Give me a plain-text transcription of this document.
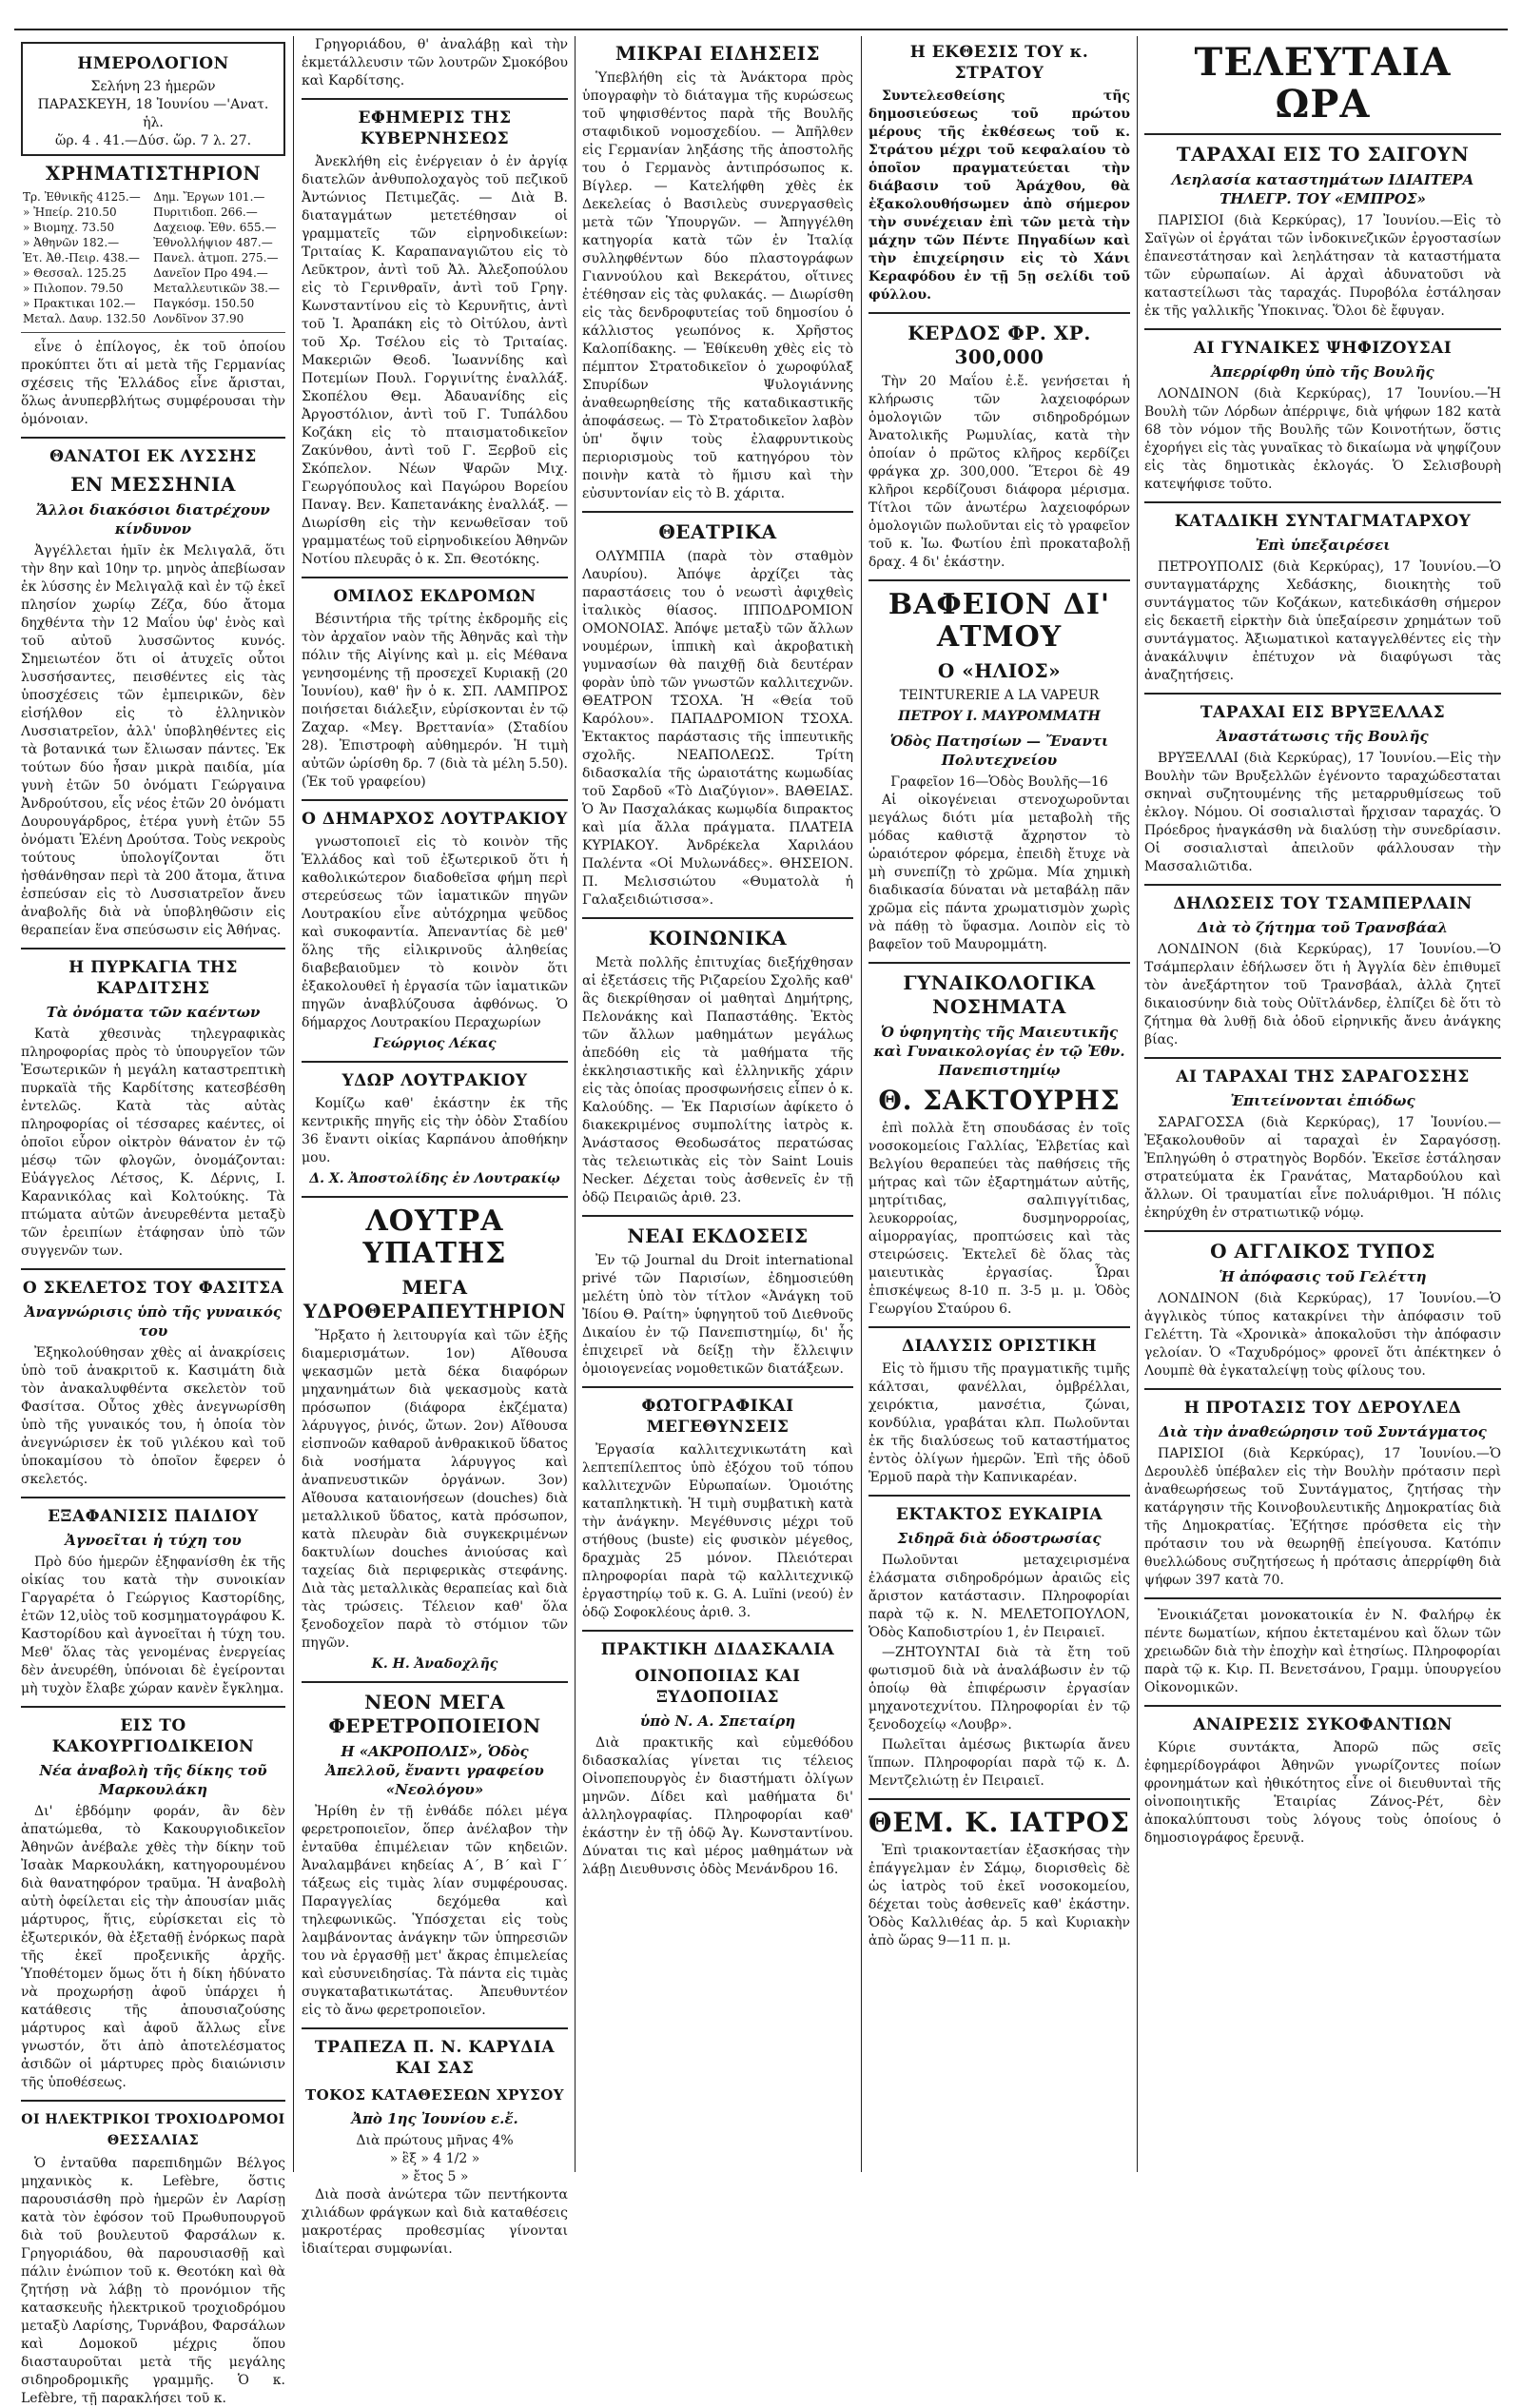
ΗΜΕΡΟΛΟΓΙΟΝ
Σελήνη 23 ἡμερῶν
ΠΑΡΑΣΚΕΥΗ, 18 Ἰουνίου —'Ανατ. ἡλ.
ὥρ. 4 . 41.—Δύσ. ὥρ. 7 λ. 27.
ΧΡΗΜΑΤΙΣΤΗΡΙΟΝ
Τρ. Ἐθνικῆς 4125.—	Δημ. Ἔργων 101.—
» Ἠπείρ. 210.50	Πυριτιδοπ. 266.—
» Βιομηχ. 73.50	Δαχειοφ. Ἐθν. 655.—
» Ἀθηνῶν 182.—	Ἐθνολλήψιον 487.—
Ἑτ. Ἀθ.-Πειρ. 438.—	Πανελ. ἀτμοπ. 275.—
» Θεσσαλ. 125.25	Δανεῖον Προ 494.—
» Πιλοπον. 79.50	Μεταλλευτικῶν 38.—
» Πρακτικαι 102.—	Παγκόσμ. 150.50
Μεταλ. Δαυρ. 132.50	Λονδῖνον 37.90
εἶνε ὁ ἐπίλογος, ἐκ τοῦ ὁποίου προκύπτει ὅτι αἱ μετὰ τῆς Γερμανίας σχέσεις τῆς Ἑλλάδος εἶνε ἄρισται, ὅλως ἀνυπερβλήτως συμφέρουσαι τὴν ὁμόνοιαν.
ΘΑΝΑΤΟΙ ΕΚ ΛΥΣΣΗΣ
ΕΝ ΜΕΣΣΗΝΙΑ
Ἄλλοι διακόσιοι διατρέχουν κίνδυνον
Ἀγγέλλεται ἡμῖν ἐκ Μελιγαλᾶ, ὅτι τὴν 8ην καὶ 10ην τρ. μηνὸς ἀπεβίωσαν ἐκ λύσσης ἐν Μελιγαλᾷ καὶ ἐν τῷ ἐκεῖ πλησίον χωρίῳ Ζέζα, δύο ἄτομα δηχθέντα τὴν 12 Μαΐου ὑφ' ἑνὸς καὶ τοῦ αὐτοῦ λυσσῶντος κυνός. Σημειωτέον ὅτι οἱ ἀτυχεῖς οὗτοι λυσσήσαντες, πεισθέντες εἰς τὰς ὑποσχέσεις τῶν ἐμπειρικῶν, δὲν εἰσήλθον εἰς τὸ ἑλληνικὸν Λυσσιατρεῖον, ἀλλ' ὑποβληθέντες εἰς τὰ βοτανικά των ἔλιωσαν πάντες. Ἐκ τούτων δύο ἦσαν μικρὰ παιδία, μία γυνὴ ἐτῶν 50 ὀνόματι Γεώργαινα Ἀνδρούτσου, εἷς νέος ἐτῶν 20 ὀνόματι Δουρουγάρδρος, ἑτέρα γυνὴ ἐτῶν 55 ὀνόματι Ἑλένη Δρούτσα. Τοὺς νεκροὺς τούτους ὑπολογίζονται ὅτι ἠσθάνθησαν περὶ τὰ 200 ἄτομα, ἅτινα ἐσπεύσαν εἰς τὸ Λυσσιατρεῖον ἄνευ ἀναβολῆς διὰ νὰ ὑποβληθῶσιν εἰς θεραπείαν ἕνα σπεύσωσιν εἰς Ἀθήνας.
Η ΠΥΡΚΑΓΙΑ ΤΗΣ ΚΑΡΔΙΤΣΗΣ
Τὰ ὀνόματα τῶν καέντων
Κατὰ χθεσινὰς τηλεγραφικὰς πληροφορίας πρὸς τὸ ὑπουργεῖον τῶν Ἐσωτερικῶν ἡ μεγάλη καταστρεπτικὴ πυρκαϊὰ τῆς Καρδίτσης κατεσβέσθη ἐντελῶς. Κατὰ τὰς αὐτὰς πληροφορίας οἱ τέσσαρες καέντες, οἱ ὁποῖοι εὗρον οἰκτρὸν θάνατον ἐν τῷ μέσῳ τῶν φλογῶν, ὀνομάζονται: Εὐάγγελος Λέτσος, Κ. Δέρνις, Ι. Καρανικόλας καὶ Κολτούκης. Τὰ πτώματα αὐτῶν ἀνευρεθέντα μεταξὺ τῶν ἐρειπίων ἐτάφησαν ὑπὸ τῶν συγγενῶν των.
Ο ΣΚΕΛΕΤΟΣ ΤΟΥ ΦΑΣΙΤΣΑ
Ἀναγνώρισις ὑπὸ τῆς γυναικός του
Ἐξηκολούθησαν χθὲς αἱ ἀνακρίσεις ὑπὸ τοῦ ἀνακριτοῦ κ. Κασιμάτη διὰ τὸν ἀνακαλυφθέντα σκελετὸν τοῦ Φασίτσα. Οὗτος χθὲς ἀνεγνωρίσθη ὑπὸ τῆς γυναικός του, ἡ ὁποία τὸν ἀνεγνώρισεν ἐκ τοῦ γιλέκου καὶ τοῦ ὑποκαμίσου τὸ ὁποῖον ἔφερεν ὁ σκελετός.
ΕΞΑΦΑΝΙΣΙΣ ΠΑΙΔΙΟΥ
Ἀγνοεῖται ἡ τύχη του
Πρὸ δύο ἡμερῶν ἐξηφανίσθη ἐκ τῆς οἰκίας του κατὰ τὴν συνοικίαν Γαργαρέτα ὁ Γεώργιος Καστορίδης, ἐτῶν 12,υἱὸς τοῦ κοσμηματογράφου Κ. Καστορίδου καὶ ἀγνοεῖται ἡ τύχη του. Μεθ' ὅλας τὰς γενομένας ἐνεργείας δὲν ἀνευρέθη, ὑπόνοιαι δὲ ἐγείρονται μὴ τυχὸν ἔλαβε χώραν κανὲν ἔγκλημα.
ΕΙΣ ΤΟ ΚΑΚΟΥΡΓΙΟΔΙΚΕΙΟΝ
Νέα ἀναβολὴ τῆς δίκης τοῦ Μαρκουλάκη
Δι' ἑβδόμην φοράν, ἂν δὲν ἀπατώμεθα, τὸ Κακουργιοδικεῖον Ἀθηνῶν ἀνέβαλε χθὲς τὴν δίκην τοῦ Ἰσαὰκ Μαρκουλάκη, κατηγορουμένου διὰ θανατηφόρον τραῦμα. Ἡ ἀναβολὴ αὐτὴ ὀφείλεται εἰς τὴν ἀπουσίαν μιᾶς μάρτυρος, ἥτις, εὑρίσκεται εἰς τὸ ἐξωτερικόν, θὰ ἐξεταθῇ ἐνόρκως παρὰ τῆς ἐκεῖ προξενικῆς ἀρχῆς. Ὑποθέτομεν ὅμως ὅτι ἡ δίκη ἡδύνατο νὰ προχωρήσῃ ἀφοῦ ὑπάρχει ἡ κατάθεσις τῆς ἀπουσιαζούσης μάρτυρος καὶ ἀφοῦ ἄλλως εἶνε γνωστόν, ὅτι ἀπὸ ἀποτελέσματος ἀσιδῶν οἱ μάρτυρες πρὸς διαιώνισιν τῆς ὑποθέσεως.
ΟΙ ΗΛΕΚΤΡΙΚΟΙ ΤΡΟΧΙΟΔΡΟΜΟΙ ΘΕΣΣΑΛΙΑΣ
Ὁ ἐνταῦθα παρεπιδημῶν Βέλγος μηχανικὸς κ. Lefèbre, ὅστις παρουσιάσθη πρὸ ἡμερῶν ἐν Λαρίσῃ κατὰ τὸν ἐφόσον τοῦ Πρωθυπουργοῦ διὰ τοῦ βουλευτοῦ Φαρσάλων κ. Γρηγοριάδου, θὰ παρουσιασθῇ καὶ πάλιν ἐνώπιον τοῦ κ. Θεοτόκη καὶ θὰ ζητήσῃ νὰ λάβῃ τὸ προνόμιον τῆς κατασκευῆς ἠλεκτρικοῦ τροχιοδρόμου μεταξὺ Λαρίσης, Τυρνάβου, Φαρσάλων καὶ Δομοκοῦ μέχρις ὅπου διασταυροῦται μετὰ τῆς μεγάλης σιδηροδρομικῆς γραμμῆς. Ὁ κ. Lefèbre, τῇ παρακλήσει τοῦ κ.
Γρηγοριάδου, θ' ἀναλάβῃ καὶ τὴν ἐκμετάλλευσιν τῶν λουτρῶν Σμοκόβου καὶ Καρδίτσης.
ΕΦΗΜΕΡΙΣ ΤΗΣ ΚΥΒΕΡΝΗΣΕΩΣ
Ἀνεκλήθη εἰς ἐνέργειαν ὁ ἐν ἀργίᾳ διατελῶν ἀνθυπολοχαγὸς τοῦ πεζικοῦ Ἀντώνιος Πετιμεζᾶς. — Διὰ Β. διαταγμάτων μετετέθησαν οἱ γραμματεῖς τῶν εἰρηνοδικείων: Τριταίας Κ. Καραπαναγιῶτου εἰς τὸ Λεῦκτρον, ἀντὶ τοῦ Ἀλ. Ἀλεξοπούλου εἰς τὸ Γερινθραῖν, ἀντὶ τοῦ Γρηγ. Κωνσταντίνου εἰς τὸ Κερυνῆτις, ἀντὶ τοῦ Ἰ. Ἀραπάκη εἰς τὸ Οἰτύλου, ἀντὶ τοῦ Χρ. Τσέλου εἰς τὸ Τριταίας. Μακεριῶν Θεοδ. Ἰωαννίδης καὶ Ποτεμίων Πουλ. Γοργινίτης ἐναλλάξ. Σκοπέλου Θεμ. Ἀδαυανίδης εἰς Ἀργοστόλιον, ἀντὶ τοῦ Γ. Τυπάλδου Κοζάκη εἰς τὸ πταισματοδικεῖον Ζακύνθου, ἀντὶ τοῦ Γ. Ξερβοῦ εἰς Σκόπελον. Νέων Ψαρῶν Μιχ. Γεωργόπουλος καὶ Παγώρου Βορείου Παναγ. Βεν. Καπετανάκης ἐναλλάξ. —Διωρίσθη εἰς τὴν κενωθεῖσαν τοῦ γραμματέως τοῦ εἰρηνοδικείου Ἀθηνῶν Νοτίου πλευρᾶς ὁ κ. Σπ. Θεοτόκης.
ΟΜΙΛΟΣ ΕΚΔΡΟΜΩΝ
Βέσιντήρια τῆς τρίτης ἐκδρομῆς εἰς τὸν ἀρχαῖον ναὸν τῆς Ἀθηνᾶς καὶ τὴν πόλιν τῆς Αἰγίνης καὶ μ. εἰς Μέθανα γενησομένης τῇ προσεχεῖ Κυριακῇ (20 Ἰουνίου), καθ' ἣν ὁ κ. ΣΠ. ΛΑΜΠΡΟΣ ποιήσεται διάλεξιν, εὑρίσκονται ἐν τῷ Ζαχαρ. «Μεγ. Βρεττανία» (Σταδίου 28). Ἐπιστροφὴ αὐθημερόν. Ἡ τιμὴ αὐτῶν ὡρίσθη δρ. 7 (διὰ τὰ μέλη 5.50). (Ἐκ τοῦ γραφείου)
Ο ΔΗΜΑΡΧΟΣ ΛΟΥΤΡΑΚΙΟΥ
γνωστοποιεῖ εἰς τὸ κοινὸν τῆς Ἑλλάδος καὶ τοῦ ἐξωτερικοῦ ὅτι ἡ καθολικώτερον διαδοθεῖσα φήμη περὶ στερεύσεως τῶν ἰαματικῶν πηγῶν Λουτρακίου εἶνε αὐτόχρημα ψεῦδος καὶ συκοφαντία. Ἀπεναντίας δὲ μεθ' ὅλης τῆς εἰλικρινοῦς ἀληθείας διαβεβαιοῦμεν τὸ κοινὸν ὅτι ἐξακολουθεῖ ἡ ἐργασία τῶν ἰαματικῶν πηγῶν ἀναβλύζουσα ἀφθόνως. Ὁ δήμαρχος Λουτρακίου Περαχωρίων
Γεώργιος Λέκας
ΥΔΩΡ ΛΟΥΤΡΑΚΙΟΥ
Κομίζω καθ' ἑκάστην ἐκ τῆς κεντρικῆς πηγῆς εἰς τὴν ὁδὸν Σταδίου 36 ἔναντι οἰκίας Καρπάνου ἀποθήκην μου.
Δ. Χ. Ἀποστολίδης ἐν Λουτρακίῳ
ΛΟΥΤΡΑ ΥΠΑΤΗΣ
ΜΕΓΑ ΥΔΡΟΘΕΡΑΠΕΥΤΗΡΙΟΝ
Ἤρξατο ἡ λειτουργία καὶ τῶν ἑξῆς διαμερισμάτων. 1ον) Αἴθουσα ψεκασμῶν μετὰ δέκα διαφόρων μηχανημάτων διὰ ψεκασμοὺς κατὰ πρόσωπον (διάφορα ἐκζέματα) λάρυγγος, ῥινός, ὤτων. 2ον) Αἴθουσα εἰσπνοῶν καθαροῦ ἀνθρακικοῦ ὕδατος διὰ νοσήματα λάρυγγος καὶ ἀναπνευστικῶν ὀργάνων. 3ον) Αἴθουσα καταιονήσεων (douches) διὰ μεταλλικοῦ ὕδατος, κατὰ πρόσωπον, κατὰ πλευρὰν διὰ συγκεκριμένων δακτυλίων douches ἀνιούσας καὶ ταχείας διὰ περιφερικὰς στεφάνης. Διὰ τὰς μεταλλικὰς θεραπείας καὶ διὰ τὰς τρώσεις. Τέλειον καθ' ὅλα ξενοδοχεῖον παρὰ τὸ στόμιον τῶν πηγῶν.
Κ. Η. Ἀναδοχλῆς
ΝΕΟΝ ΜΕΓΑ ΦΕΡΕΤΡΟΠΟΙΕΙΟΝ
Η «ΑΚΡΟΠΟΛΙΣ», Ὁδὸς Ἀπελλοῦ, ἔναντι γραφείου «Νεολόγου»
Ἠρίθη ἐν τῇ ἐνθάδε πόλει μέγα φερετροποιεῖον, ὅπερ ἀνέλαβον τὴν ἐνταῦθα ἐπιμέλειαν τῶν κηδειῶν. Ἀναλαμβάνει κηδείας Α΄, Β΄ καὶ Γ΄ τάξεως εἰς τιμὰς λίαν συμφέρουσας. Παραγγελίας δεχόμεθα καὶ τηλεφωνικῶς. Ὑπόσχεται εἰς τοὺς λαμβάνοντας ἀνάγκην τῶν ὑπηρεσιῶν του νὰ ἐργασθῇ μετ' ἄκρας ἐπιμελείας καὶ εὐσυνειδησίας. Τὰ πάντα εἰς τιμὰς συγκαταβατικωτάτας. Ἀπευθυντέον εἰς τὸ ἄνω φερετροποιεῖον.
ΤΡΑΠΕΖΑ Π. Ν. ΚΑΡΥΔΙΑ ΚΑΙ ΣΑΣ
ΤΟΚΟΣ ΚΑΤΑΘΕΣΕΩΝ ΧΡΥΣΟΥ
Ἀπὸ 1ης Ἰουνίου ε.ἔ.
Διὰ πρώτους μῆνας 4%
» ἓξ » 4 1/2 »
» ἔτος 5 »
Διὰ ποσὰ ἀνώτερα τῶν πεντήκοντα χιλιάδων φράγκων καὶ διὰ καταθέσεις μακροτέρας προθεσμίας γίνονται ἰδιαίτεραι συμφωνίαι.
ΜΙΚΡΑΙ ΕΙΔΗΣΕΙΣ
Ὑπεβλήθη εἰς τὰ Ἀνάκτορα πρὸς ὑπογραφὴν τὸ διάταγμα τῆς κυρώσεως τοῦ ψηφισθέντος παρὰ τῆς Βουλῆς σταφιδικοῦ νομοσχεδίου. — Ἀπῆλθεν εἰς Γερμανίαν ληξάσης τῆς ἀποστολῆς του ὁ Γερμανὸς ἀντιπρόσωπος κ. Βίγλερ. — Κατελήφθη χθὲς ἐκ Δεκελείας ὁ Βασιλεὺς συνεργασθεὶς μετὰ τῶν Ὑπουργῶν. — Ἀπηγγέλθη κατηγορία κατὰ τῶν ἐν Ἰταλίᾳ συλληφθέντων δύο πλαστογράφων Γιαννούλου καὶ Βεκεράτου, οἵτινες ἐτέθησαν εἰς τὰς φυλακάς. — Διωρίσθη εἰς τὰς δενδροφυτείας τοῦ δημοσίου ὁ κάλλιστος γεωπόνος κ. Χρῆστος Καλοπίδακης. — Ἐθίκευθη χθὲς εἰς τὸ πέμπτον Στρατοδικεῖον ὁ χωροφύλαξ Σπυρίδων Ψυλογιάννης ἀναθεωρηθείσης τῆς καταδικαστικῆς ἀποφάσεως. — Τὸ Στρατοδικεῖον λαβὸν ὑπ' ὄψιν τοὺς ἐλαφρυντικοὺς περιορισμοὺς τοῦ κατηγόρου τὸν ποινὴν κατὰ τὸ ἥμισυ καὶ τὴν εὐσυντονίαν εἰς τὸ Β. χάριτα.
ΘΕΑΤΡΙΚΑ
ΟΛΥΜΠΙΑ (παρὰ τὸν σταθμὸν Λαυρίου). Ἀπόψε ἀρχίζει τὰς παραστάσεις του ὁ νεωστὶ ἀφιχθεὶς ἰταλικὸς θίασος. ΙΠΠΟΔΡΟΜΙΟΝ ΟΜΟΝΟΙΑΣ. Ἀπόψε μεταξὺ τῶν ἄλλων νουμέρων, ἱππικὴ καὶ ἀκροβατικὴ γυμνασίων θὰ παιχθῇ διὰ δευτέραν φορὰν ὑπὸ τῶν γνωστῶν καλλιτεχνῶν. ΘΕΑΤΡΟΝ ΤΣΟΧΑ. Ἡ «Θεία τοῦ Καρόλου». ΠΑΠΑΔΡΟΜΙΟΝ ΤΣΟΧΑ. Ἐκτακτος παράστασις τῆς ἱππευτικῆς σχολῆς. ΝΕΑΠΟΛΕΩΣ. Τρίτη διδασκαλία τῆς ὡραιοτάτης κωμωδίας τοῦ Σαρδοῦ «Τὸ Διαζύγιον». ΒΑΘΕΙΑΣ. Ὁ Ἀν Πασχαλάκας κωμῳδία διπρακτος καὶ μία ἄλλα πράγματα. ΠΛΑΤΕΙΑ ΚΥΡΙΑΚΟΥ. Ἀνδρέκελα Χαριλάου Παλέντα «Οἱ Μυλωνάδες». ΘΗΣΕΙΟΝ. Π. Μελισσιώτου «Θυματολὰ ἡ Γαλαξειδιώτισσα».
ΚΟΙΝΩΝΙΚΑ
Μετὰ πολλῆς ἐπιτυχίας διεξήχθησαν αἱ ἐξετάσεις τῆς Ριζαρείου Σχολῆς καθ' ἃς διεκρίθησαν οἱ μαθηταὶ Δημήτρης, Πελονάκης καὶ Παπαστάθης. Ἐκτὸς τῶν ἄλλων μαθημάτων μεγάλως ἀπεδόθη εἰς τὰ μαθήματα τῆς ἐκκλησιαστικῆς καὶ ἐλληνικῆς χάριν εἰς τὰς ὁποίας προσφωνήσεις εἶπεν ὁ κ. Καλούδης. — Ἐκ Παρισίων ἀφίκετο ὁ διακεκριμένος συμπολίτης ἰατρὸς κ. Ἀνάστασος Θεοδωσάτος περατώσας τὰς τελειωτικὰς εἰς τὸν Saint Louis Necker. Δέχεται τοὺς ἀσθενεῖς ἐν τῇ ὁδῷ Πειραιῶς ἀριθ. 23.
ΝΕΑΙ ΕΚΔΟΣΕΙΣ
Ἐν τῷ Journal du Droit international privé τῶν Παρισίων, ἐδημοσιεύθη μελέτη ὑπὸ τὸν τίτλον «Ἀνάγκη τοῦ Ἰδίου Θ. Ραίτη» ὑφηγητοῦ τοῦ Διεθνοῦς Δικαίου ἐν τῷ Πανεπιστημίῳ, δι' ἧς ἐπιχειρεῖ νὰ δείξῃ τὴν ἔλλειψιν ὁμοιογενείας νομοθετικῶν διατάξεων.
ΦΩΤΟΓΡΑΦΙΚΑΙ ΜΕΓΕΘΥΝΣΕΙΣ
Ἐργασία καλλιτεχνικωτάτη καὶ λεπτεπίλεπτος ὑπὸ ἐξόχου τοῦ τόπου καλλιτεχνῶν Εὐρωπαίων. Ὁμοιότης καταπληκτικὴ. Ἡ τιμὴ συμβατικὴ κατὰ τὴν ἀνάγκην. Μεγέθυνσις μέχρι τοῦ στήθους (buste) εἰς φυσικὸν μέγεθος, δραχμὰς 25 μόνον. Πλειότεραι πληροφορίαι παρὰ τῷ καλλιτεχνικῷ ἐργαστηρίῳ τοῦ κ. G. A. Luïni (νεού) ἐν ὁδῷ Σοφοκλέους ἀριθ. 3.
ΠΡΑΚΤΙΚΗ ΔΙΔΑΣΚΑΛΙΑ
ΟΙΝΟΠΟΙΙΑΣ ΚΑΙ ΞΥΔΟΠΟΙΙΑΣ
ὑπὸ Ν. Α. Σπεταίρη
Διὰ πρακτικῆς καὶ εὐμεθόδου διδασκαλίας γίνεται τις τέλειος Οἰνοπεπουργὸς ἐν διαστήματι ὀλίγων μηνῶν. Δίδει καὶ μαθήματα δι' ἀλληλογραφίας. Πληροφορίαι καθ' ἑκάστην ἐν τῇ ὁδῷ Ἀγ. Κωνσταντίνου. Δύναται τις καὶ μέρος μαθημάτων νὰ λάβῃ Διευθυνσις ὁδὸς Μενάνδρου 16.
Η ΕΚΘΕΣΙΣ ΤΟΥ κ. ΣΤΡΑΤΟΥ
Συντελεσθείσης τῆς δημοσιεύσεως τοῦ πρώτου μέρους τῆς ἐκθέσεως τοῦ κ. Στράτου μέχρι τοῦ κεφαλαίου τὸ ὁποῖον πραγματεύεται τὴν διάβασιν τοῦ Ἀράχθου, θὰ ἐξακολουθήσωμεν ἀπὸ σήμερον τὴν συνέχειαν ἐπὶ τῶν μετὰ τὴν μάχην τῶν Πέντε Πηγαδίων καὶ τὴν ἐπιχείρησιν εἰς τὸ Χάνι Κεραφόδου ἐν τῇ 5ῃ σελίδι τοῦ φύλλου.
ΚΕΡΔΟΣ ΦΡ. ΧΡ. 300,000
Τὴν 20 Μαΐου ἐ.ἔ. γενήσεται ἡ κλήρωσις τῶν λαχειοφόρων ὁμολογιῶν τῶν σιδηροδρόμων Ἀνατολικῆς Ρωμυλίας, κατὰ τὴν ὁποίαν ὁ πρῶτος κλῆρος κερδίζει φράγκα χρ. 300,000. Ἕτεροι δὲ 49 κλῆροι κερδίζουσι διάφορα μέρισμα. Τίτλοι τῶν ἀνωτέρω λαχειοφόρων ὁμολογιῶν πωλοῦνται εἰς τὸ γραφεῖον τοῦ κ. Ἰω. Φωτίου ἐπὶ προκαταβολῇ δραχ. 4 δι' ἑκάστην.
ΒΑΦΕΙΟΝ ΔΙ' ΑΤΜΟΥ
Ο «ΗΛΙΟΣ»
TEINTURERIE A LA VAPEUR
ΠΕΤΡΟΥ Ι. ΜΑΥΡΟΜΜΑΤΗ
Ὁδὸς Πατησίων — Ἔναντι Πολυτεχνείου
Γραφεῖον 16—Ὁδὸς Βουλῆς—16
Αἱ οἰκογένειαι στενοχωροῦνται μεγάλως διότι μία μεταβολὴ τῆς μόδας καθιστᾷ ἄχρηστον τὸ ὡραιότερον φόρεμα, ἐπειδὴ ἔτυχε νὰ μὴ συνεπίζῃ τὸ χρῶμα. Μία χημικὴ διαδικασία δύναται νὰ μεταβάλῃ πᾶν χρῶμα εἰς πάντα χρωματισμὸν χωρὶς νὰ πάθῃ τὸ ὕφασμα. Λοιπὸν εἰς τὸ βαφεῖον τοῦ Μαυρομμάτη.
ΓΥΝΑΙΚΟΛΟΓΙΚΑ ΝΟΣΗΜΑΤΑ
Ὁ ὑφηγητὴς τῆς Μαιευτικῆς καὶ Γυναικολογίας ἐν τῷ Ἐθν. Πανεπιστημίῳ
Θ. ΣΑΚΤΟΥΡΗΣ
ἐπὶ πολλὰ ἔτη σπουδάσας ἐν τοῖς νοσοκομείοις Γαλλίας, Ἑλβετίας καὶ Βελγίου θεραπεύει τὰς παθήσεις τῆς μήτρας καὶ τῶν ἐξαρτημάτων αὐτῆς, μητρίτιδας, σαλπιγγίτιδας, λευκορροίας, δυσμηνορροίας, αἱμορραγίας, προπτώσεις καὶ τὰς στειρώσεις. Ἐκτελεῖ δὲ ὅλας τὰς μαιευτικὰς ἐργασίας. Ὧραι ἐπισκέψεως 8-10 π. 3-5 μ. μ. Ὁδὸς Γεωργίου Σταύρου 6.
ΔΙΑΛΥΣΙΣ ΟΡΙΣΤΙΚΗ
Εἰς τὸ ἥμισυ τῆς πραγματικῆς τιμῆς κάλτσαι, φανέλλαι, ὀμβρέλλαι, χειρόκτια, μανσέτια, ζώναι, κονδύλια, γραβάται κλπ. Πωλοῦνται ἐκ τῆς διαλύσεως τοῦ καταστήματος ἐντὸς ὀλίγων ἡμερῶν. Ἐπὶ τῆς ὁδοῦ Ἑρμοῦ παρὰ τὴν Καπνικαρέαν.
ΕΚΤΑΚΤΟΣ ΕΥΚΑΙΡΙΑ
Σιδηρᾶ διὰ ὁδοστρωσίας
Πωλοῦνται μεταχειρισμένα ἐλάσματα σιδηροδρόμων ἀραιῶς εἰς ἄριστον κατάστασιν. Πληροφορίαι παρὰ τῷ κ. Ν. ΜΕΛΕΤΟΠΟΥΛΟΝ, Ὁδὸς Καποδιστρίου 1, ἐν Πειραιεῖ.
—ΖΗΤΟΥΝΤΑΙ διὰ τὰ ἔτη τοῦ φωτισμοῦ διὰ νὰ ἀναλάβωσιν ἐν τῷ ὁποίῳ θὰ ἐπιφέρωσιν ἐργασίαν μηχανοτεχνίτου. Πληροφορίαι ἐν τῷ ξενοδοχείῳ «Λουβρ».
Πωλεῖται ἀμέσως βικτωρία ἄνευ ἵππων. Πληροφορίαι παρὰ τῷ κ. Δ. Μεντζελιώτῃ ἐν Πειραιεῖ.
ΘΕΜ. Κ. ΙΑΤΡΟΣ
Ἐπὶ τριακονταετίαν ἐξασκήσας τὴν ἐπάγγελμαν ἐν Σάμῳ, διορισθεὶς δὲ ὡς ἰατρὸς τοῦ ἐκεῖ νοσοκομείου, δέχεται τοὺς ἀσθενεῖς καθ' ἑκάστην. Ὁδὸς Καλλιθέας ἀρ. 5 καὶ Κυριακὴν ἀπὸ ὥρας 9—11 π. μ.
ΤΕΛΕΥΤΑΙΑ ΩΡΑ
ΤΑΡΑΧΑΙ ΕΙΣ ΤΟ ΣΑΙΓΟΥΝ
Λεηλασία καταστημάτων ΙΔΙΑΙΤΕΡΑ ΤΗΛΕΓΡ. ΤΟΥ «ΕΜΠΡΟΣ»
ΠΑΡΙΣΙΟΙ (διὰ Κερκύρας), 17 Ἰουνίου.—Εἰς τὸ Σαϊγὼν οἱ ἐργάται τῶν ἰνδοκινεζικῶν ἐργοστασίων ἐπανεστάτησαν καὶ λεηλάτησαν τὰ καταστήματα τῶν εὐρωπαίων. Αἱ ἀρχαὶ ἀδυνατοῦσι νὰ καταστείλωσι τὰς ταραχάς. Πυροβόλα ἐστάλησαν ἐκ τῆς γαλλικῆς Ὑποκινας. Ὅλοι δὲ ἔφυγαν.
ΑΙ ΓΥΝΑΙΚΕΣ ΨΗΦΙΖΟΥΣΑΙ
Ἀπερρίφθη ὑπὸ τῆς Βουλῆς
ΛΟΝΔΙΝΟΝ (διὰ Κερκύρας), 17 Ἰουνίου.—Ἡ Βουλὴ τῶν Λόρδων ἀπέρριψε, διὰ ψήφων 182 κατὰ 68 τὸν νόμον τῆς Βουλῆς τῶν Κοινοτήτων, ὅστις ἐχορήγει εἰς τὰς γυναῖκας τὸ δικαίωμα νὰ ψηφίζουν εἰς τὰς δημοτικὰς ἐκλογάς. Ὁ Σελισβουρὴ κατεψήφισε τοῦτο.
ΚΑΤΑΔΙΚΗ ΣΥΝΤΑΓΜΑΤΑΡΧΟΥ
Ἐπὶ ὑπεξαιρέσει
ΠΕΤΡΟΥΠΟΛΙΣ (διὰ Κερκύρας), 17 Ἰουνίου.—Ὁ συνταγματάρχης Χεδάσκης, διοικητὴς τοῦ συντάγματος τῶν Κοζάκων, κατεδικάσθη σήμερον εἰς δεκαετῆ εἰρκτὴν διὰ ὑπεξαίρεσιν χρημάτων τοῦ συντάγματος. Ἀξιωματικοὶ καταγγελθέντες εἰς τὴν ἀνακάλυψιν ἐπέτυχον νὰ διαφύγωσι τὰς ἀναζητήσεις.
ΤΑΡΑΧΑΙ ΕΙΣ ΒΡΥΞΕΛΛΑΣ
Ἀναστάτωσις τῆς Βουλῆς
ΒΡΥΞΕΛΛΑΙ (διὰ Κερκύρας), 17 Ἰουνίου.—Εἰς τὴν Βουλὴν τῶν Βρυξελλῶν ἐγένοντο ταραχώδεσταται σκηναὶ συζητουμένης τῆς μεταρρυθμίσεως τοῦ ἐκλογ. Νόμου. Οἱ σοσιαλισταὶ ἤρχισαν ταραχάς. Ὁ Πρόεδρος ἠναγκάσθη νὰ διαλύσῃ τὴν συνεδρίασιν. Οἱ σοσιαλισταὶ ἀπειλοῦν φάλλουσαν τὴν Μασσαλιῶτιδα.
ΔΗΛΩΣΕΙΣ ΤΟΥ ΤΣΑΜΠΕΡΛΑΙΝ
Διὰ τὸ ζήτημα τοῦ Τρανσβάαλ
ΛΟΝΔΙΝΟΝ (διὰ Κερκύρας), 17 Ἰουνίου.—Ὁ Τσάμπερλαιν ἐδήλωσεν ὅτι ἡ Ἀγγλία δὲν ἐπιθυμεῖ τὸν ἀνεξάρτητον τοῦ Τρανσβάαλ, ἀλλὰ ζητεῖ δικαιοσύνην διὰ τοὺς Οὐϊτλάνδερ, ἐλπίζει δὲ ὅτι τὸ ζήτημα θὰ λυθῇ διὰ ὁδοῦ εἰρηνικῆς ἄνευ ἀνάγκης βίας.
ΑΙ ΤΑΡΑΧΑΙ ΤΗΣ ΣΑΡΑΓΟΣΣΗΣ
Ἐπιτείνονται ἐπιόδως
ΣΑΡΑΓΟΣΣΑ (διὰ Κερκύρας), 17 Ἰουνίου.—Ἐξακολουθοῦν αἱ ταραχαὶ ἐν Σαραγόσσῃ. Ἐπληγώθη ὁ στρατηγὸς Βορδόν. Ἐκεῖσε ἐστάλησαν στρατεύματα ἐκ Γρανάτας, Ματαρδούλου καὶ ἄλλων. Οἱ τραυματίαι εἶνε πολυάριθμοι. Ἡ πόλις ἐκηρύχθη ἐν στρατιωτικῷ νόμῳ.
Ο ΑΓΓΛΙΚΟΣ ΤΥΠΟΣ
Ἡ ἀπόφασις τοῦ Γελέττη
ΛΟΝΔΙΝΟΝ (διὰ Κερκύρας), 17 Ἰουνίου.—Ὁ ἀγγλικὸς τύπος κατακρίνει τὴν ἀπόφασιν τοῦ Γελέττη. Τὰ «Χρονικὰ» ἀποκαλοῦσι τὴν ἀπόφασιν γελοίαν. Ὁ «Ταχυδρόμος» φρονεῖ ὅτι ἀπέκτηκεν ὁ Λουμπὲ θὰ ἐγκαταλείψῃ τοὺς φίλους του.
Η ΠΡΟΤΑΣΙΣ ΤΟΥ ΔΕΡΟΥΛΕΔ
Διὰ τὴν ἀναθεώρησιν τοῦ Συντάγματος
ΠΑΡΙΣΙΟΙ (διὰ Κερκύρας), 17 Ἰουνίου.—Ὁ Δερουλὲδ ὑπέβαλεν εἰς τὴν Βουλὴν πρότασιν περὶ ἀναθεωρήσεως τοῦ Συντάγματος, ζητήσας τὴν κατάργησιν τῆς Κοινοβουλευτικῆς Δημοκρατίας διὰ τῆς Δημοκρατίας. Ἐζήτησε πρόσθετα εἰς τὴν πρότασιν του νὰ θεωρηθῇ ἐπείγουσα. Κατόπιν θυελλώδους συζητήσεως ἡ πρότασις ἀπερρίφθη διὰ ψήφων 397 κατὰ 70.
Ἐνοικιάζεται μονοκατοικία ἐν Ν. Φαλήρῳ ἐκ πέντε δωματίων, κήπου ἐκτεταμένου καὶ ὅλων τῶν χρειωδῶν διὰ τὴν ἐποχὴν καὶ ἐτησίως. Πληροφορίαι παρὰ τῷ κ. Κιρ. Π. Βενετσάνου, Γραμμ. ὑπουργείου Οἰκονομικῶν.
ΑΝΑΙΡΕΣΙΣ ΣΥΚΟΦΑΝΤΙΩΝ
Κύριε συντάκτα, Ἀπορῶ πῶς σεῖς ἐφημερίδογράφοι Ἀθηνῶν γνωρίζοντες ποίων φρονημάτων καὶ ἠθικότητος εἶνε οἱ διευθυνταὶ τῆς οἰνοποιητικῆς Ἑταιρίας Ζάνος-Ρέτ, δὲν ἀποκαλύπτουσι τοὺς λόγους τοὺς ὁποίους ὁ δημοσιογράφος ἔρευνᾷ.
